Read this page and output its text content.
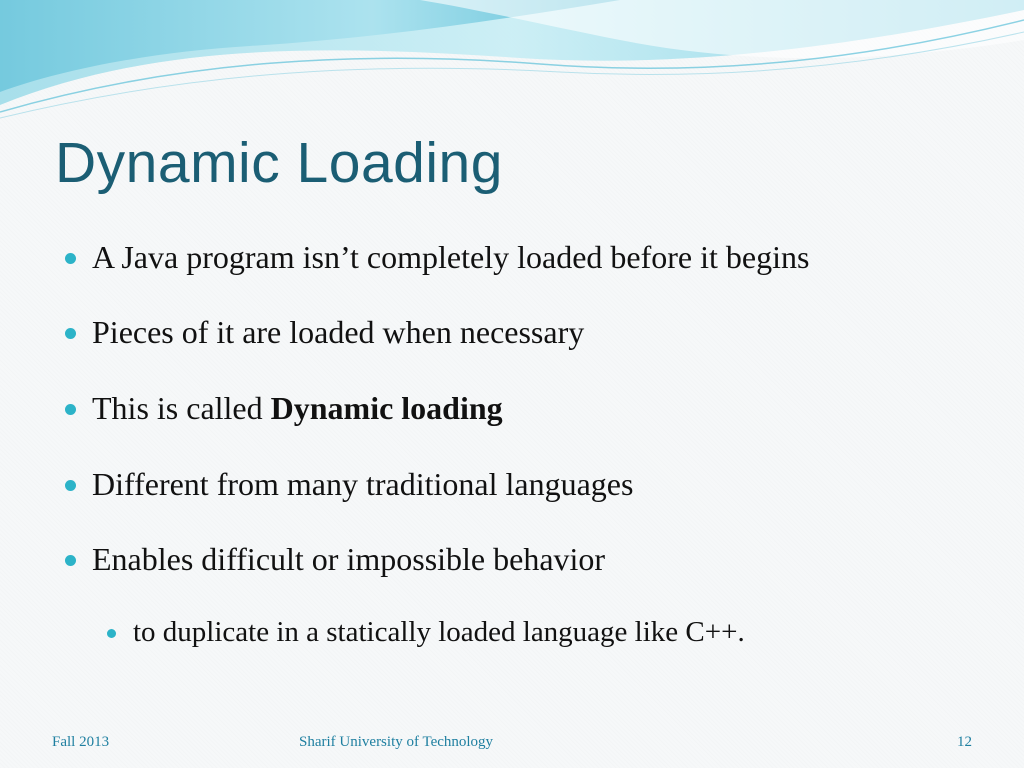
Dynamic Loading
A Java program isn’t completely loaded before it begins
Pieces of it are loaded when necessary
This is called Dynamic loading
Different from many traditional languages
Enables difficult or impossible behavior
to duplicate in a statically loaded language like C++.
Fall 2013	Sharif University of Technology	12
